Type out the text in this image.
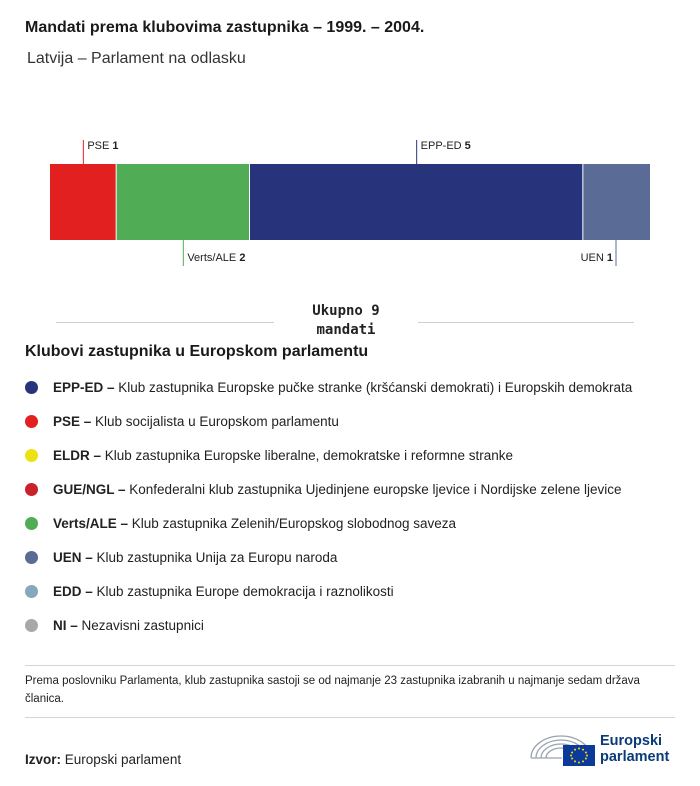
Mandati prema klubovima zastupnika – 1999. – 2004.

Latvija – Parlament na odlasku

PSE 1
Verts/ALE 2
EPP-ED 5
UEN 1
Ukupno 9
mandati
Klubovi zastupnika u Europskom parlamentu
EPP-ED – Klub zastupnika Europske pučke stranke (kršćanski demokrati) i Europskih demokrata
PSE – Klub socijalista u Europskom parlamentu
ELDR – Klub zastupnika Europske liberalne, demokratske i reformne stranke
GUE/NGL – Konfederalni klub zastupnika Ujedinjene europske ljevice i Nordijske zelene ljevice
Verts/ALE – Klub zastupnika Zelenih/Europskog slobodnog saveza
UEN – Klub zastupnika Unija za Europu naroda
EDD – Klub zastupnika Europe demokracija i raznolikosti
NI – Nezavisni zastupnici

Prema poslovniku Parlamenta, klub zastupnika sastoji se od najmanje 23 zastupnika izabranih u najmanje sedam država članica.

Izvor: Europski parlament
Europski
parlament
